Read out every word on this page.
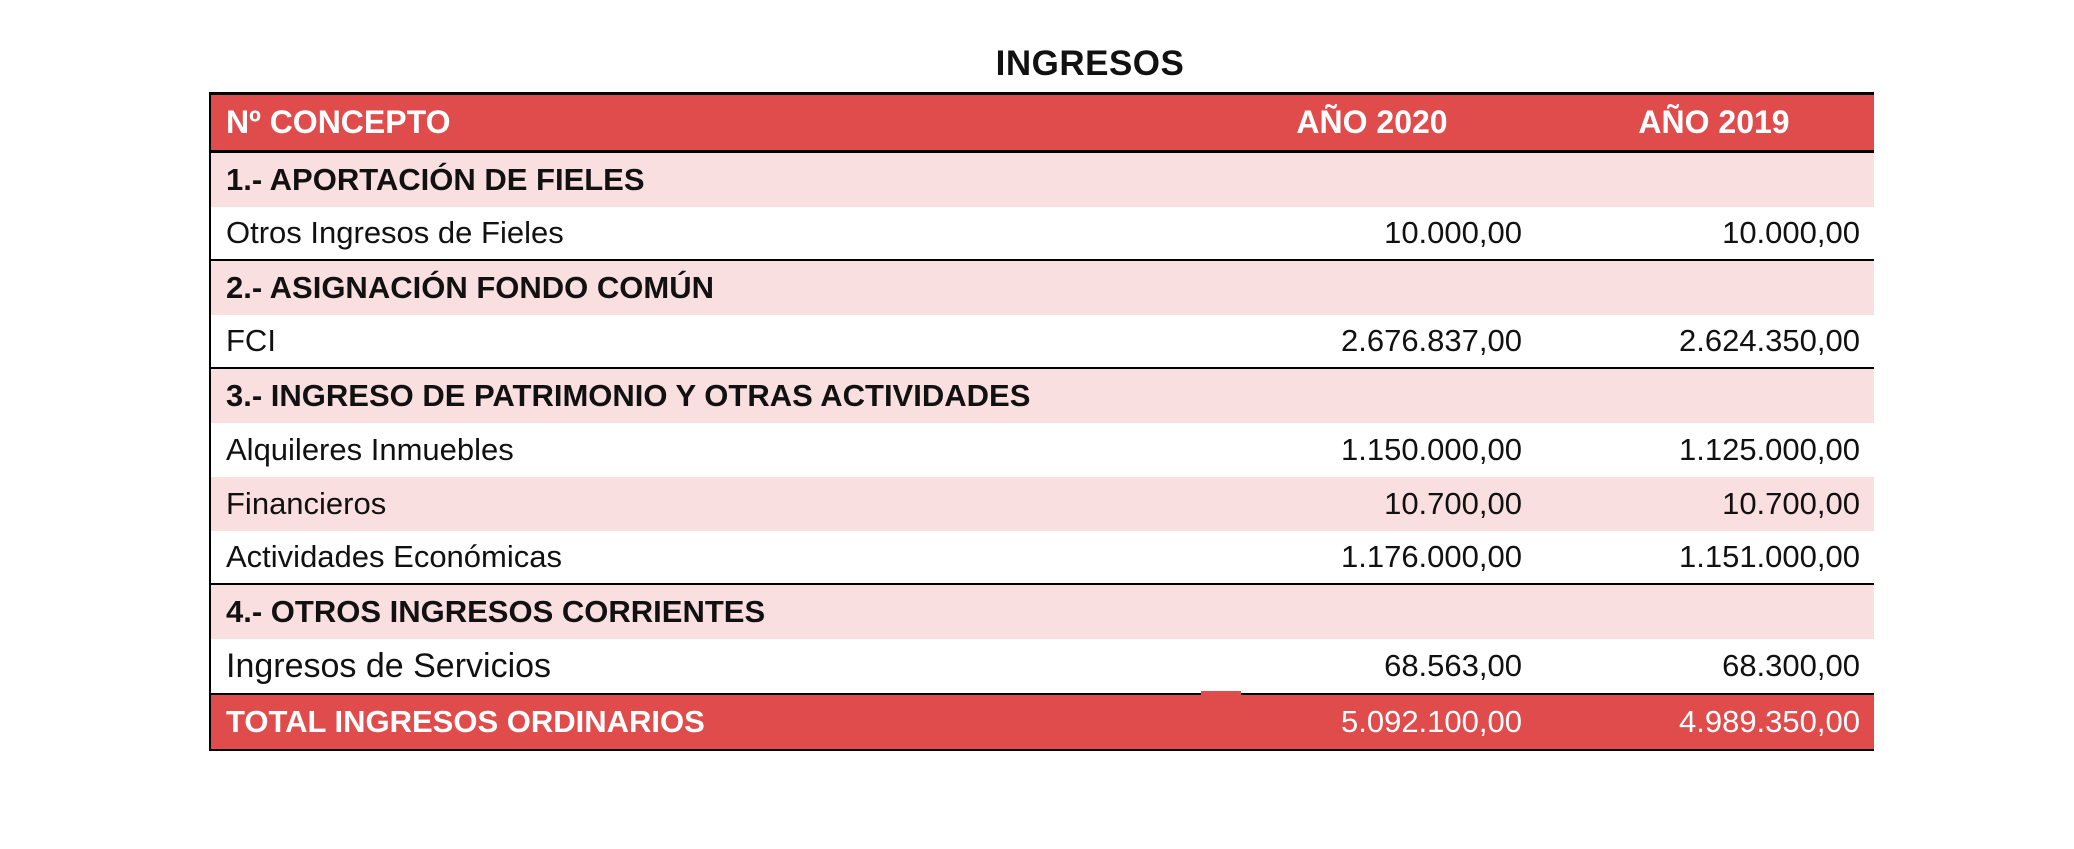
INGRESOS
Nº CONCEPTO	AÑO 2020	AÑO 2019
1.- APORTACIÓN DE FIELES
Otros Ingresos de Fieles	10.000,00	10.000,00
2.- ASIGNACIÓN FONDO COMÚN
FCI	2.676.837,00	2.624.350,00
3.- INGRESO DE PATRIMONIO Y OTRAS ACTIVIDADES
Alquileres Inmuebles	1.150.000,00	1.125.000,00
Financieros	10.700,00	10.700,00
Actividades Económicas	1.176.000,00	1.151.000,00
4.- OTROS INGRESOS CORRIENTES
Ingresos de Servicios	68.563,00	68.300,00
TOTAL INGRESOS ORDINARIOS	5.092.100,00	4.989.350,00
